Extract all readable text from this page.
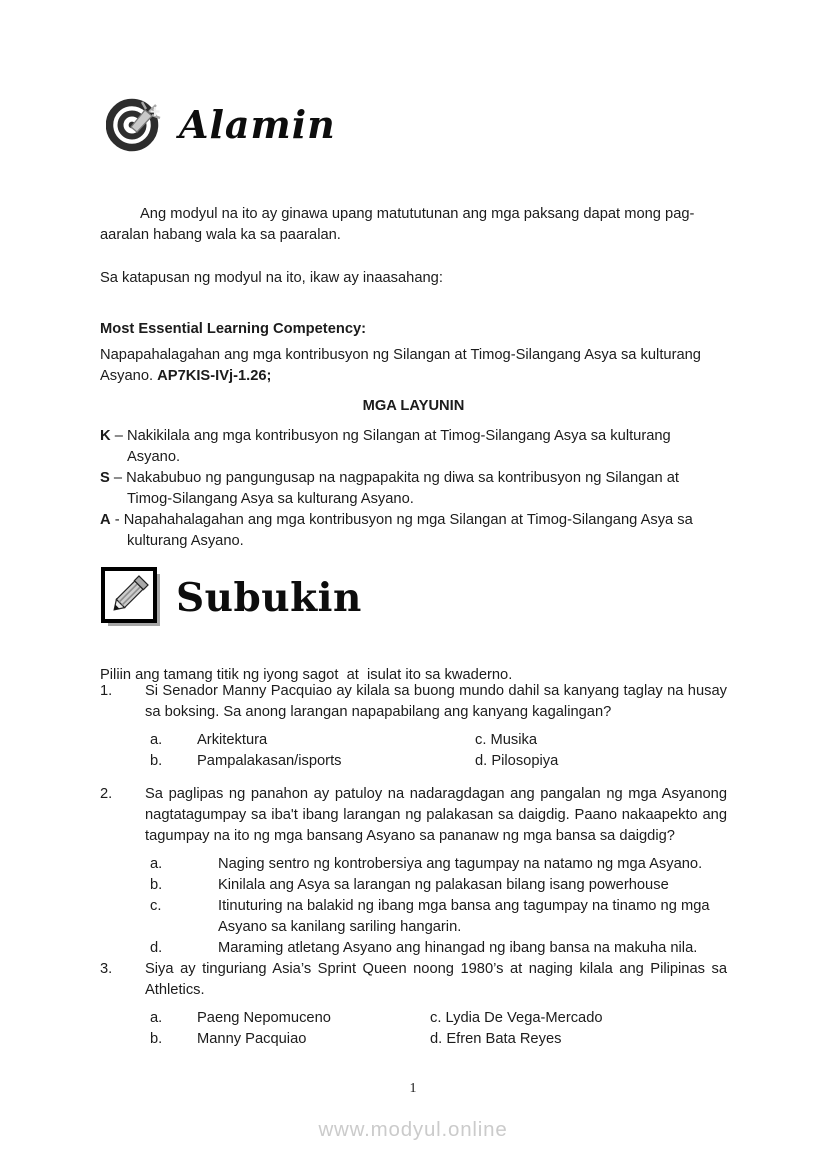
Alamin

Ang modyul na ito ay ginawa upang matututunan ang mga paksang dapat mong pag-aaralan habang wala ka sa paaralan.

Sa katapusan ng modyul na ito, ikaw ay inaasahang:

Most Essential Learning Competency:

Napapahalagahan ang mga kontribusyon ng Silangan at Timog-Silangang Asya sa kulturang Asyano. AP7KIS-IVj-1.26;

MGA LAYUNIN
K – Nakikilala ang mga kontribusyon ng Silangan at Timog-Silangang Asya sa kulturang Asyano.
S – Nakabubuo ng pangungusap na nagpapakita ng diwa sa kontribusyon ng Silangan at Timog-Silangang Asya sa kulturang Asyano.
A - Napahahalagahan ang mga kontribusyon ng mga Silangan at Timog-Silangang Asya sa kulturang Asyano.
Subukin

Piliin ang tamang titik ng iyong sagot  at  isulat ito sa kwaderno.

1. Si Senador Manny Pacquiao ay kilala sa buong mundo dahil sa kanyang taglay na husay sa boksing. Sa anong larangan napapabilang ang kanyang kagalingan?
a.	Arkitektura
b.	Pampalakasan/isports
c. Musika
d. Pilosopiya
2. Sa paglipas ng panahon ay patuloy na nadaragdagan ang pangalan ng mga Asyanong nagtatagumpay sa iba't ibang larangan ng palakasan sa daigdig. Paano nakaapekto ang tagumpay na ito ng mga bansang Asyano sa pananaw ng mga bansa sa daigdig?
a.	Naging sentro ng kontrobersiya ang tagumpay na natamo ng mga Asyano.
b.	Kinilala ang Asya sa larangan ng palakasan bilang isang powerhouse
c.	Itinuturing na balakid ng ibang mga bansa ang tagumpay na tinamo ng mga Asyano sa kanilang sariling hangarin.
d.	Maraming atletang Asyano ang hinangad ng ibang bansa na makuha nila.
3. Siya ay tinguriang Asia’s Sprint Queen noong 1980’s at naging kilala ang Pilipinas sa Athletics.
a.	Paeng Nepomuceno
b.	Manny Pacquiao
c. Lydia De Vega-Mercado
d. Efren Bata Reyes
1
www.modyul.online
